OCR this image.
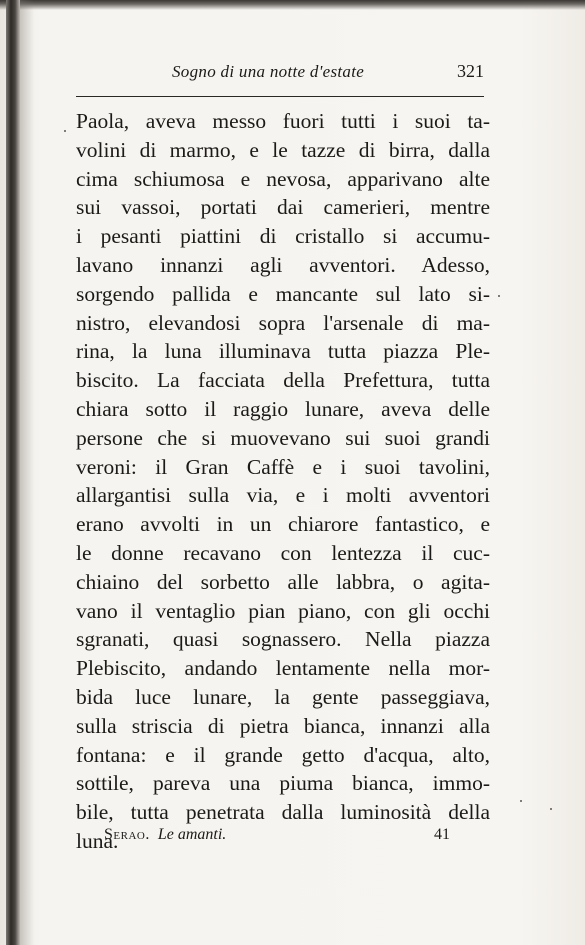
Sogno di una notte d'estate	321
Paola, aveva messo fuori tutti i suoi ta-
volini di marmo, e le tazze di birra, dalla
cima schiumosa e nevosa, apparivano alte
sui vassoi, portati dai camerieri, mentre
i pesanti piattini di cristallo si accumu-
lavano innanzi agli avventori. Adesso,
sorgendo pallida e mancante sul lato si-
nistro, elevandosi sopra l'arsenale di ma-
rina, la luna illuminava tutta piazza Ple-
biscito. La facciata della Prefettura, tutta
chiara sotto il raggio lunare, aveva delle
persone che si muovevano sui suoi grandi
veroni: il Gran Caffè e i suoi tavolini,
allargantisi sulla via, e i molti avventori
erano avvolti in un chiarore fantastico, e
le donne recavano con lentezza il cuc-
chiaino del sorbetto alle labbra, o agita-
vano il ventaglio pian piano, con gli occhi
sgranati, quasi sognassero. Nella piazza
Plebiscito, andando lentamente nella mor-
bida luce lunare, la gente passeggiava,
sulla striscia di pietra bianca, innanzi alla
fontana: e il grande getto d'acqua, alto,
sottile, pareva una piuma bianca, immo-
bile, tutta penetrata dalla luminosità della
luna.
Serao. Le amanti.	41
